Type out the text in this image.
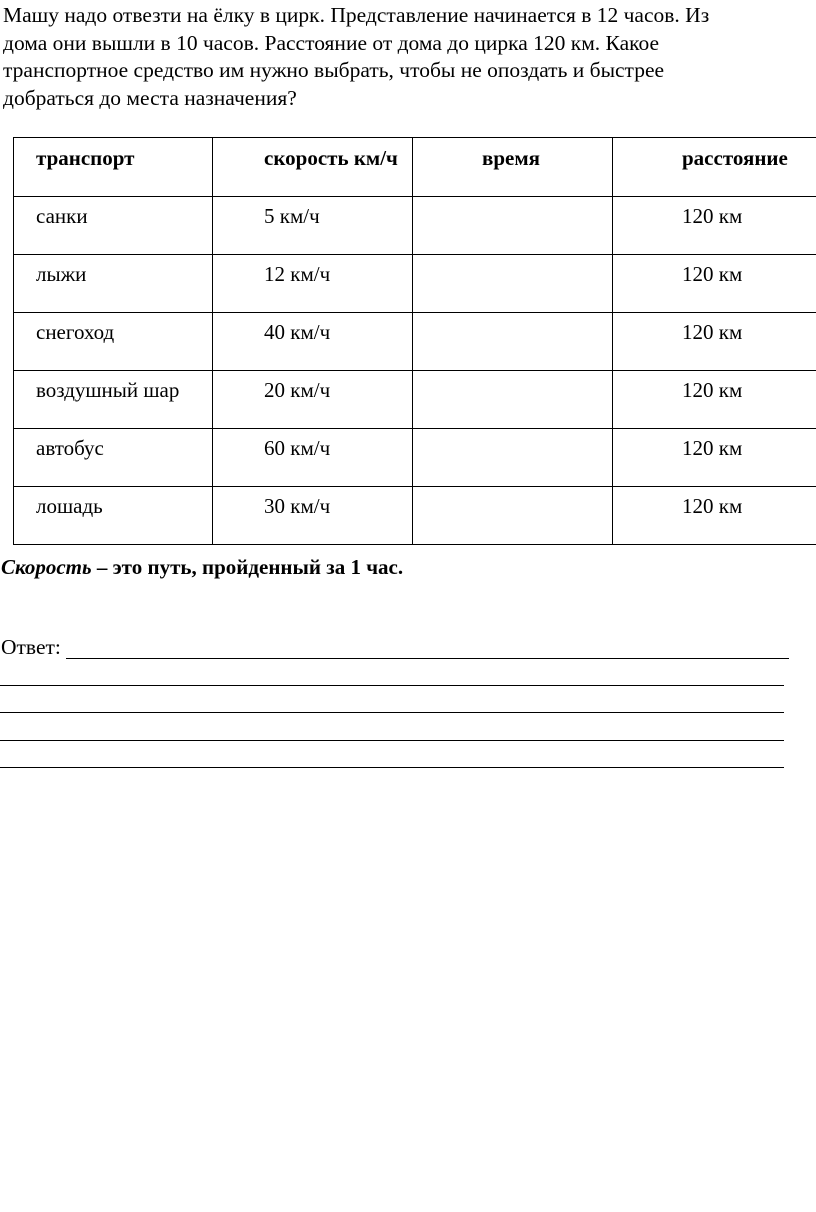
Машу надо отвезти на ёлку в цирк. Представление начинается в 12 часов. Из
дома они вышли в 10 часов. Расстояние от дома до цирка 120 км. Какое
транспортное средство им нужно выбрать, чтобы не опоздать и быстрее
добраться до места назначения?
транспорт	скорость км/ч	время	расстояние

санки	5 км/ч		120 км

лыжи	12 км/ч		120 км

снегоход	40 км/ч		120 км

воздушный шар	20 км/ч		120 км

автобус	60 км/ч		120 км

лошадь	30 км/ч		120 км

Скорость – это путь, пройденный за 1 час.

Ответ:
